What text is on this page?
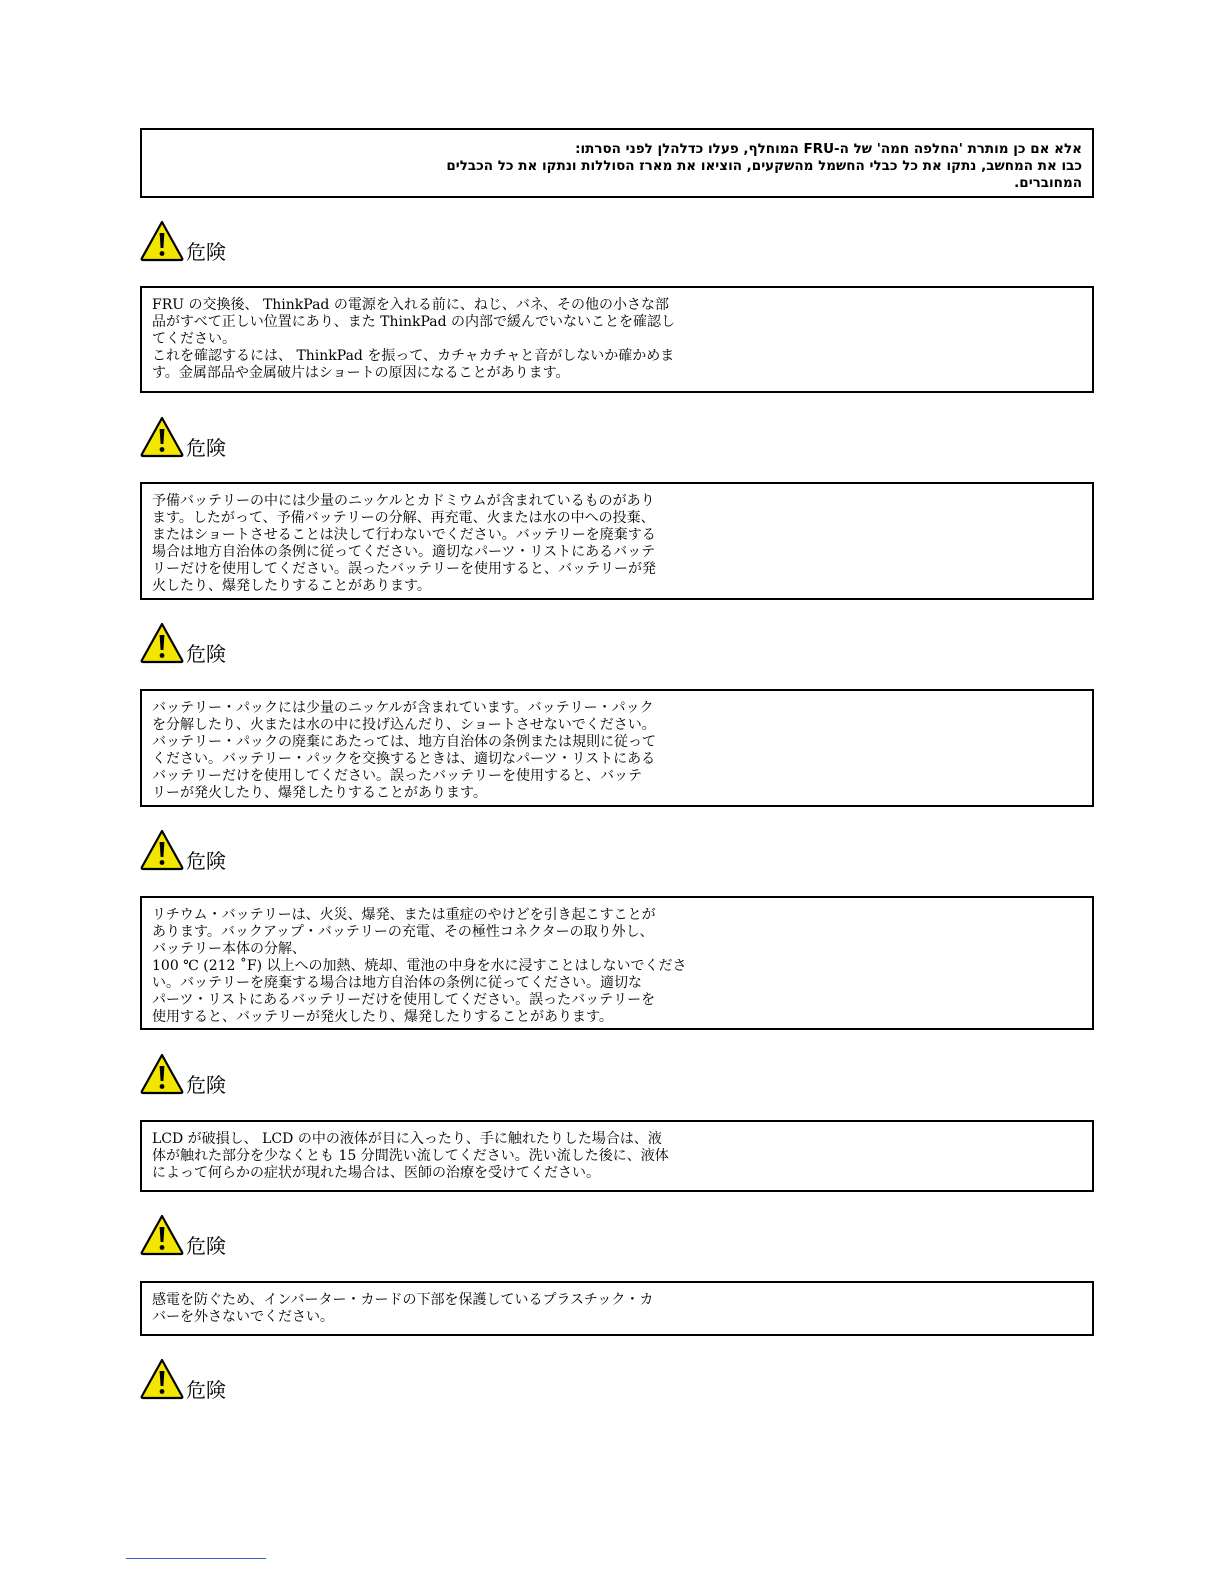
אלא אם כן מותרת 'החלפה חמה' של ה-FRU המוחלף, פעלו כדלהלן לפני הסרתו:
כבו את המחשב, נתקו את כל כבלי החשמל מהשקעים, הוציאו את מארז הסוללות ונתקו את כל הכבלים
המחוברים.
危険
FRU の交換後、 ThinkPad の電源を入れる前に、ねじ、バネ、その他の小さな部
品がすべて正しい位置にあり、また ThinkPad の内部で緩んでいないことを確認し
てください。
これを確認するには、 ThinkPad を振って、カチャカチャと音がしないか確かめま
す。金属部品や金属破片はショートの原因になることがあります。
危険
予備バッテリーの中には少量のニッケルとカドミウムが含まれているものがあり
ます。したがって、予備バッテリーの分解、再充電、火または水の中への投棄、
またはショートさせることは決して行わないでください。バッテリーを廃棄する
場合は地方自治体の条例に従ってください。適切なパーツ・リストにあるバッテ
リーだけを使用してください。誤ったバッテリーを使用すると、バッテリーが発
火したり、爆発したりすることがあります。
危険
バッテリー・パックには少量のニッケルが含まれています。バッテリー・パック
を分解したり、火または水の中に投げ込んだり、ショートさせないでください。
バッテリー・パックの廃棄にあたっては、地方自治体の条例または規則に従って
ください。バッテリー・パックを交換するときは、適切なパーツ・リストにある
バッテリーだけを使用してください。誤ったバッテリーを使用すると、バッテ
リーが発火したり、爆発したりすることがあります。
危険
リチウム・バッテリーは、火災、爆発、または重症のやけどを引き起こすことが
あります。バックアップ・バッテリーの充電、その極性コネクターの取り外し、
バッテリー本体の分解、
100 ℃ (212 ˚F) 以上への加熱、焼却、電池の中身を水に浸すことはしないでくださ
い。バッテリーを廃棄する場合は地方自治体の条例に従ってください。適切な
パーツ・リストにあるバッテリーだけを使用してください。誤ったバッテリーを
使用すると、バッテリーが発火したり、爆発したりすることがあります。
危険
LCD が破損し、 LCD の中の液体が目に入ったり、手に触れたりした場合は、液
体が触れた部分を少なくとも 15 分間洗い流してください。洗い流した後に、液体
によって何らかの症状が現れた場合は、医師の治療を受けてください。
危険
感電を防ぐため、インバーター・カードの下部を保護しているプラスチック・カ
バーを外さないでください。
危険
